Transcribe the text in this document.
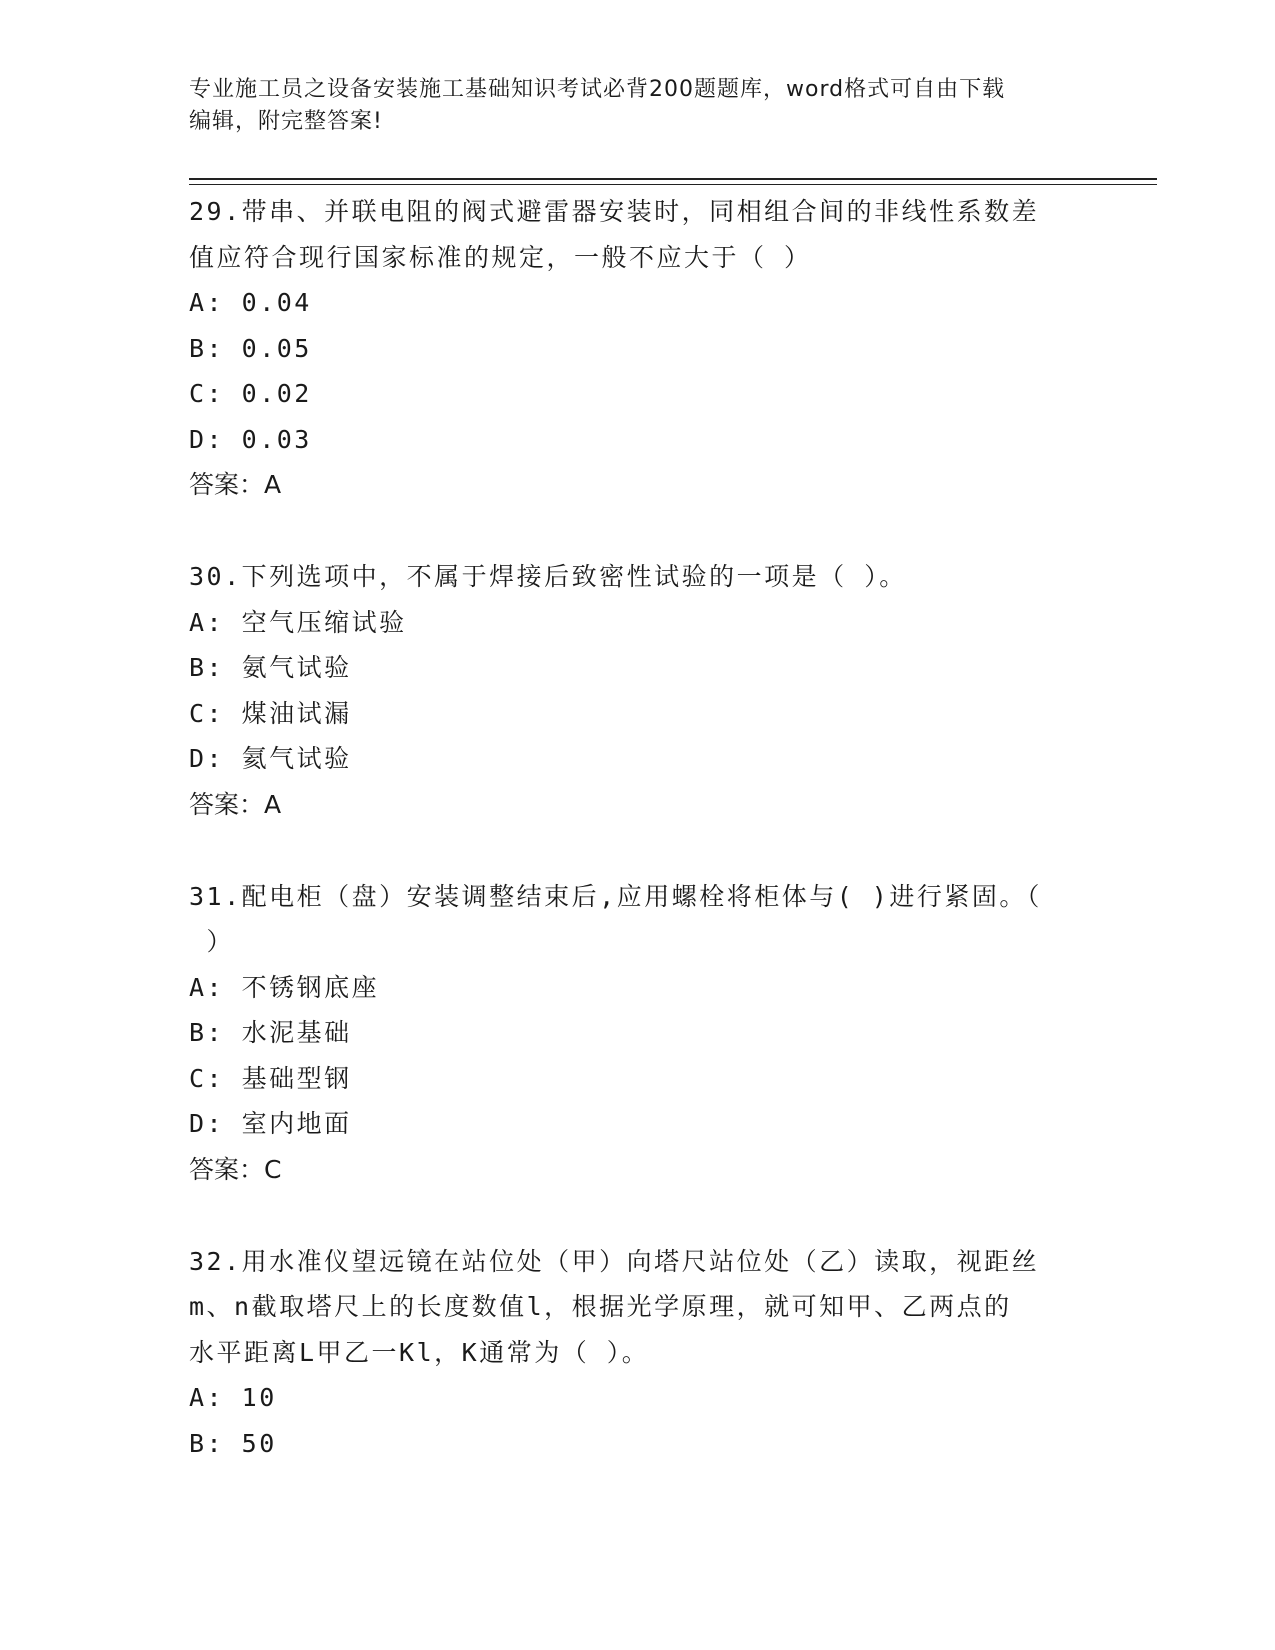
专业施工员之设备安装施工基础知识考试必背200题题库，word格式可自由下载
编辑，附完整答案!
29.带串、并联电阻的阀式避雷器安装时，同相组合间的非线性系数差
值应符合现行国家标准的规定，一般不应大于（ ）
A: 0.04
B: 0.05
C: 0.02
D: 0.03
答案：A
30.下列选项中，不属于焊接后致密性试验的一项是（ ）。
A: 空气压缩试验
B: 氨气试验
C: 煤油试漏
D: 氦气试验
答案：A
31.配电柜（盘）安装调整结束后,应用螺栓将柜体与( )进行紧固。（
）
A: 不锈钢底座
B: 水泥基础
C: 基础型钢
D: 室内地面
答案：C
32.用水准仪望远镜在站位处（甲）向塔尺站位处（乙）读取，视距丝
m、n截取塔尺上的长度数值l，根据光学原理，就可知甲、乙两点的
水平距离L甲乙一Kl，K通常为（ ）。
A: 10
B: 50
